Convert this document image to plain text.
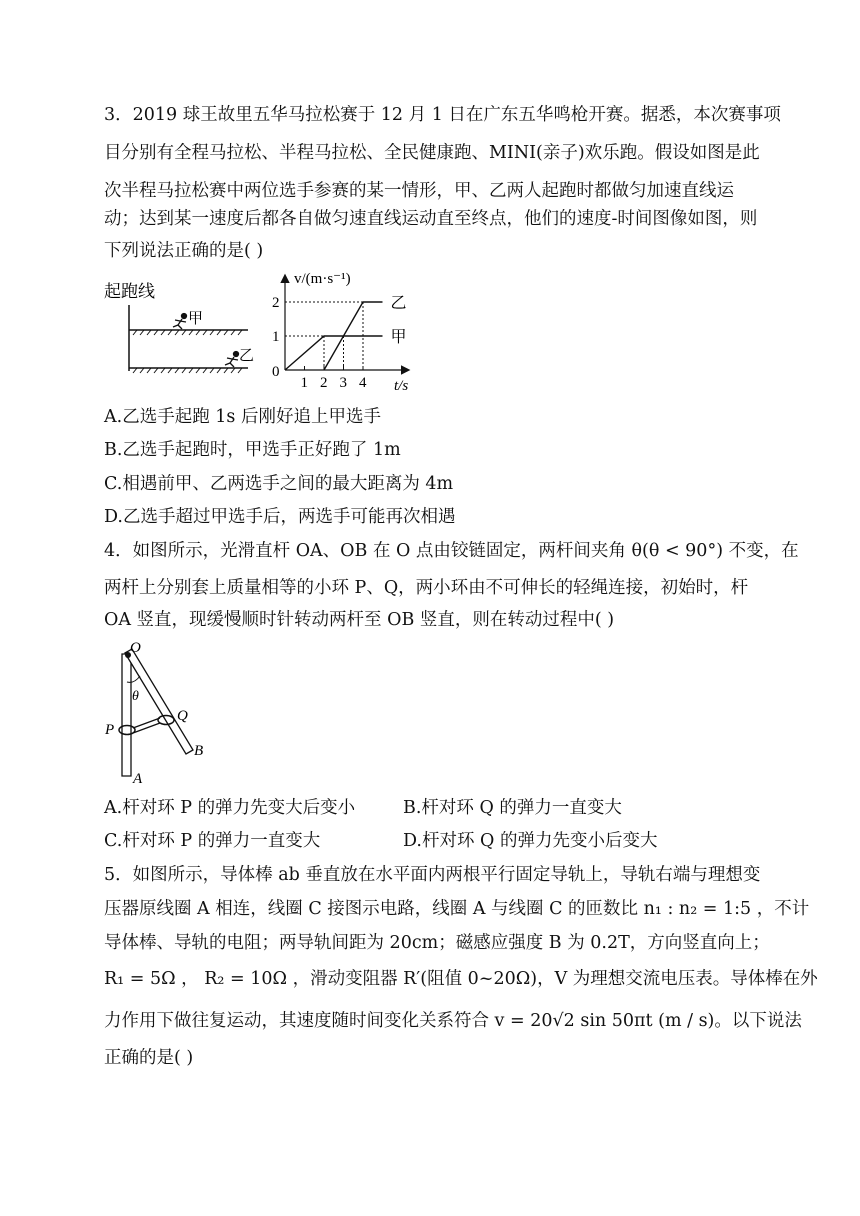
3．2019 球王故里五华马拉松赛于 12 月 1 日在广东五华鸣枪开赛。据悉，本次赛事项
目分别有全程马拉松、半程马拉松、全民健康跑、MINI(亲子)欢乐跑。假设如图是此
次半程马拉松赛中两位选手参赛的某一情形，甲、乙两人起跑时都做匀加速直线运
动；达到某一速度后都各自做匀速直线运动直至终点，他们的速度-时间图像如图，则
下列说法正确的是( )
起跑线
甲
乙
v/(m·s⁻¹)
t/s
0
1
2
1 2 3 4
甲
乙
A.乙选手起跑 1s 后刚好追上甲选手
B.乙选手起跑时，甲选手正好跑了 1m
C.相遇前甲、乙两选手之间的最大距离为 4m
D.乙选手超过甲选手后，两选手可能再次相遇
4．如图所示，光滑直杆 OA、OB 在 O 点由铰链固定，两杆间夹角 θ(θ < 90°) 不变，在
两杆上分别套上质量相等的小环 P、Q，两小环由不可伸长的轻绳连接，初始时，杆
OA 竖直，现缓慢顺时针转动两杆至 OB 竖直，则在转动过程中( )
O
θ
P
Q
A
B
A.杆对环 P 的弹力先变大后变小	B.杆对环 Q 的弹力一直变大
C.杆对环 P 的弹力一直变大	D.杆对环 Q 的弹力先变小后变大
5．如图所示，导体棒 ab 垂直放在水平面内两根平行固定导轨上，导轨右端与理想变
压器原线圈 A 相连，线圈 C 接图示电路，线圈 A 与线圈 C 的匝数比 n₁ : n₂ = 1:5 ，不计
导体棒、导轨的电阻；两导轨间距为 20cm；磁感应强度 B 为 0.2T，方向竖直向上；
R₁ = 5Ω ， R₂ = 10Ω ，滑动变阻器 R′(阻值 0~20Ω)，V 为理想交流电压表。导体棒在外
力作用下做往复运动，其速度随时间变化关系符合 v = 20√2 sin 50πt (m / s)。以下说法
正确的是( )
